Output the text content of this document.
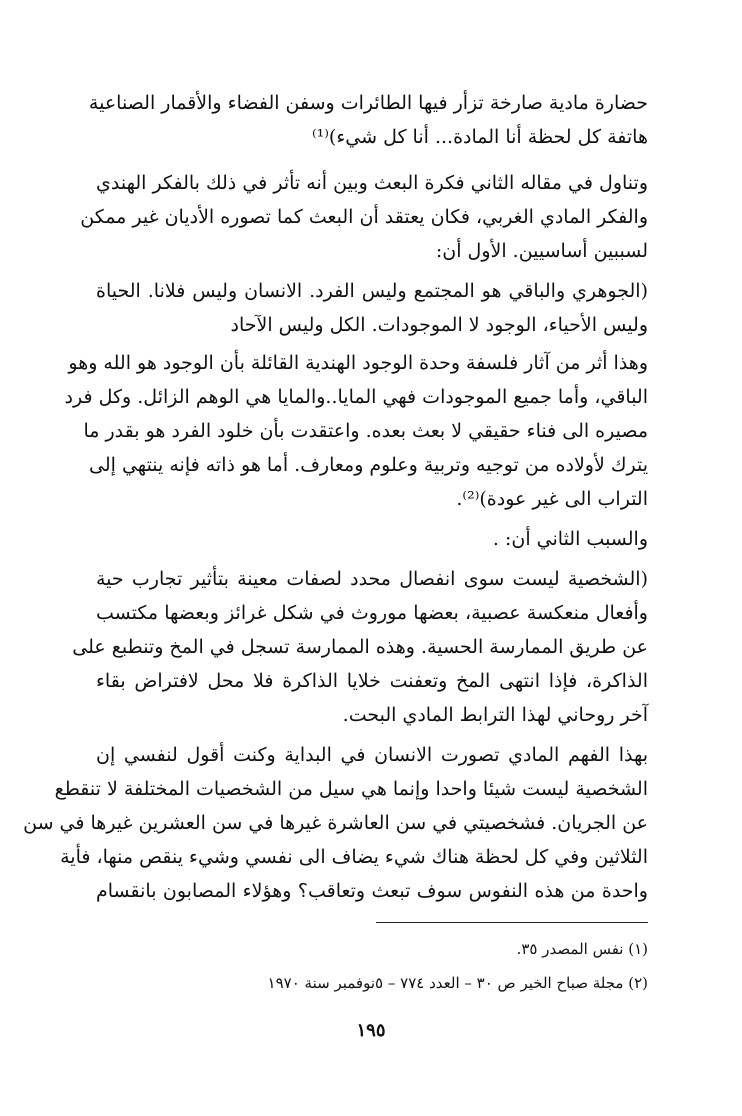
حضارة مادية صارخة تزأر فيها الطائرات وسفن الفضاء والأقمار الصناعية
هاتفة كل لحظة أنا المادة... أنا كل شيء)⁽¹⁾
وتناول في مقاله الثاني فكرة البعث وبين أنه تأثر في ذلك بالفكر الهندي
والفكر المادي الغربي، فكان يعتقد أن البعث كما تصوره الأديان غير ممكن
لسببين أساسيين. الأول أن:
(الجوهري والباقي هو المجتمع وليس الفرد. الانسان وليس فلانا. الحياة
وليس الأحياء، الوجود لا الموجودات. الكل وليس الآحاد
وهذا أثر من آثار فلسفة وحدة الوجود الهندية القائلة بأن الوجود هو الله وهو
الباقي، وأما جميع الموجودات فهي المايا..والمايا هي الوهم الزائل. وكل فرد
مصيره الى فناء حقيقي لا بعث بعده. واعتقدت بأن خلود الفرد هو بقدر ما
يترك لأولاده من توجيه وتربية وعلوم ومعارف. أما هو ذاته فإنه ينتهي إلى
التراب الى غير عودة)⁽²⁾.
والسبب الثاني أن: .
(الشخصية ليست سوى انفصال محدد لصفات معينة بتأثير تجارب حية
وأفعال منعكسة عصبية، بعضها موروث في شكل غرائز وبعضها مكتسب
عن طريق الممارسة الحسية. وهذه الممارسة تسجل في المخ وتنطبع على
الذاكرة، فإذا انتهى المخ وتعفنت خلايا الذاكرة فلا محل لافتراض بقاء
آخر روحاني لهذا الترابط المادي البحت.
بهذا الفهم المادي تصورت الانسان في البداية وكنت أقول لنفسي إن
الشخصية ليست شيئا واحدا وإنما هي سيل من الشخصيات المختلفة لا تنقطع
عن الجريان. فشخصيتي في سن العاشرة غيرها في سن العشرين غيرها في سن
الثلاثين وفي كل لحظة هناك شيء يضاف الى نفسي وشيء ينقص منها، فأية
واحدة من هذه النفوس سوف تبعث وتعاقب؟ وهؤلاء المصابون بانقسام
(١) نفس المصدر ٣٥.
(٢) مجلة صباح الخير ص ٣٠ – العدد ٧٧٤ – ٥نوفمبر سنة ١٩٧٠
١٩٥
